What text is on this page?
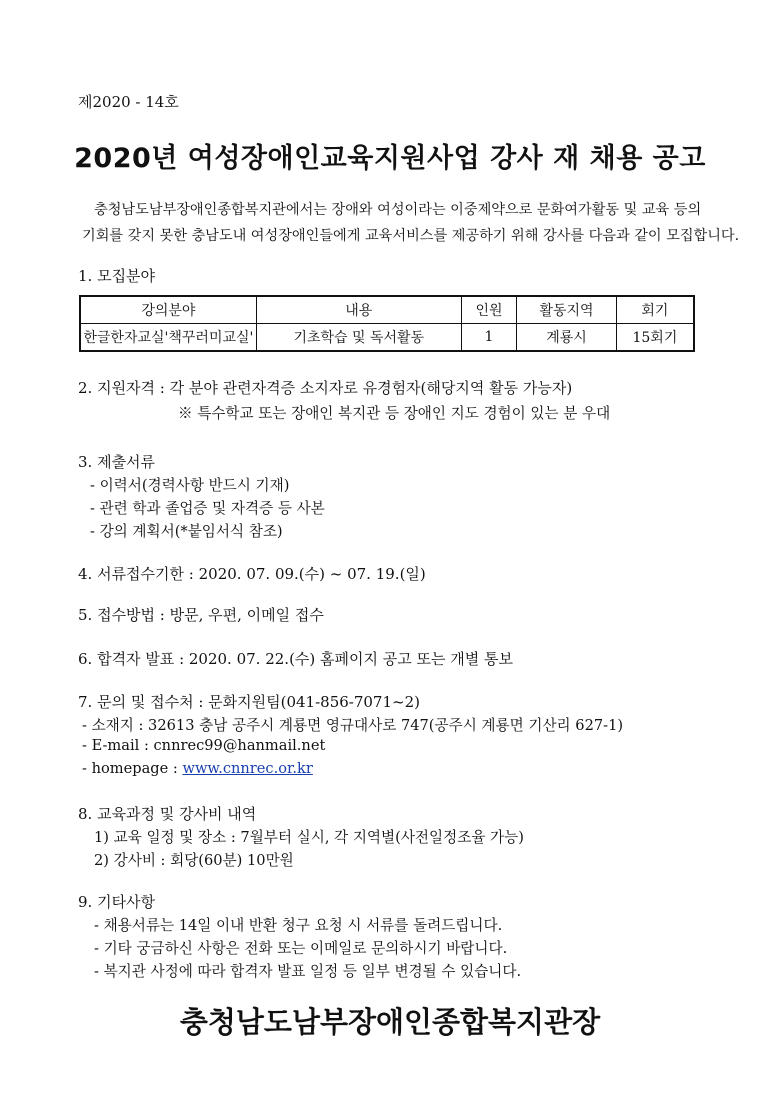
제2020 - 14호
2020년 여성장애인교육지원사업 강사 재 채용 공고
충청남도남부장애인종합복지관에서는 장애와 여성이라는 이중제약으로 문화여가활동 및 교육 등의
기회를 갖지 못한 충남도내 여성장애인들에게 교육서비스를 제공하기 위해 강사를 다음과 같이 모집합니다.
1. 모집분야
강의분야	내용	인원	활동지역	회기
한글한자교실'책꾸러미교실'	기초학습 및 독서활동	1	계룡시	15회기
2. 지원자격 : 각 분야 관련자격증 소지자로 유경험자(해당지역 활동 가능자)
※ 특수학교 또는 장애인 복지관 등 장애인 지도 경험이 있는 분 우대
3. 제출서류
- 이력서(경력사항 반드시 기재)
- 관련 학과 졸업증 및 자격증 등 사본
- 강의 계획서(*붙임서식 참조)
4. 서류접수기한 : 2020. 07. 09.(수) ~ 07. 19.(일)
5. 접수방법 : 방문, 우편, 이메일 접수
6. 합격자 발표 : 2020. 07. 22.(수) 홈페이지 공고 또는 개별 통보
7. 문의 및 접수처 : 문화지원팀(041-856-7071~2)
- 소재지 : 32613 충남 공주시 계룡면 영규대사로 747(공주시 계룡면 기산리 627-1)
- E-mail : cnnrec99@hanmail.net
- homepage : www.cnnrec.or.kr
8. 교육과정 및 강사비 내역
1) 교육 일정 및 장소 : 7월부터 실시, 각 지역별(사전일정조율 가능)
2) 강사비 : 회당(60분) 10만원
9. 기타사항
- 채용서류는 14일 이내 반환 청구 요청 시 서류를 돌려드립니다.
- 기타 궁금하신 사항은 전화 또는 이메일로 문의하시기 바랍니다.
- 복지관 사정에 따라 합격자 발표 일정 등 일부 변경될 수 있습니다.
충청남도남부장애인종합복지관장
